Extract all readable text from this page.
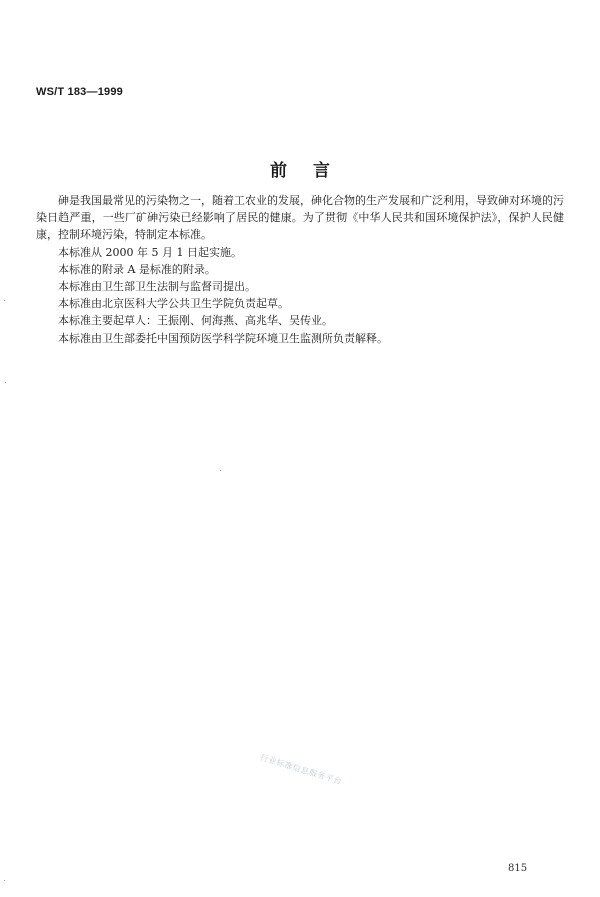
WS/T 183—1999
前言

砷是我国最常见的污染物之一，随着工农业的发展，砷化合物的生产发展和广泛利用，导致砷对环境的污染日趋严重，一些厂矿砷污染已经影响了居民的健康。为了贯彻《中华人民共和国环境保护法》，保护人民健康，控制环境污染，特制定本标准。

本标准从 2000 年 5 月 1 日起实施。

本标准的附录 A 是标准的附录。

本标准由卫生部卫生法制与监督司提出。

本标准由北京医科大学公共卫生学院负责起草。

本标准主要起草人：王振刚、何海燕、高兆华、吴传业。

本标准由卫生部委托中国预防医学科学院环境卫生监测所负责解释。

行业标准信息服务平台
815
